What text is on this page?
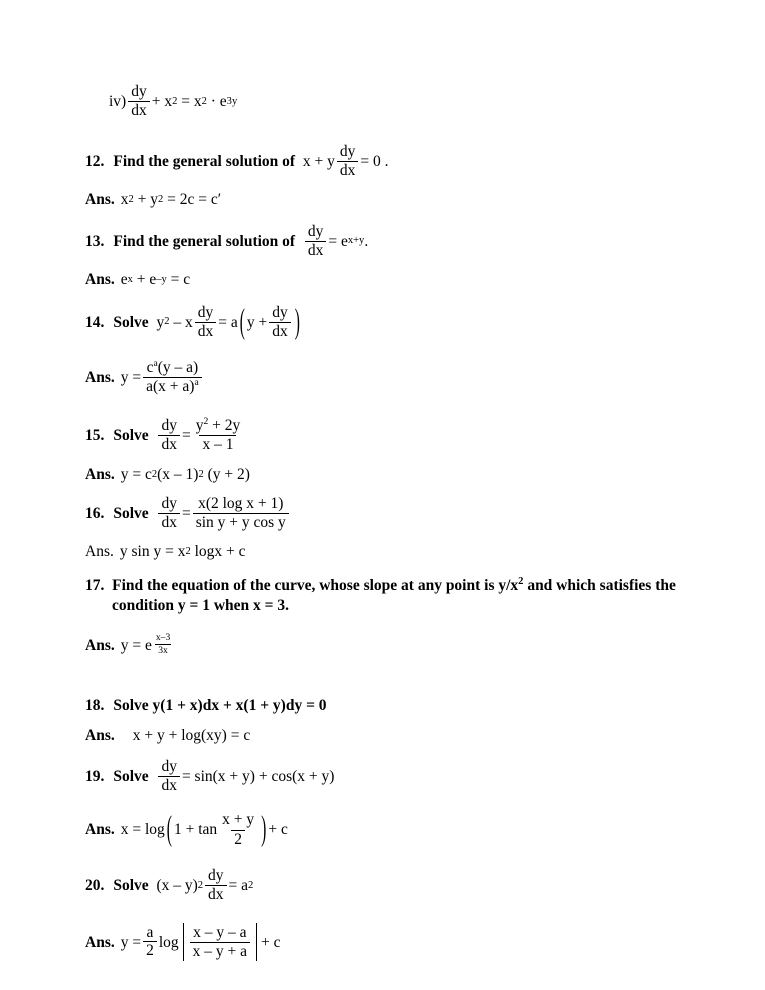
$iv) \frac{dy}{dx} + x$ 2 = x 2 · e 3y
12. Find the general solution of x + y $\frac{dy}{dx} = 0$ .
Ans. x 2 + y 2 = 2c = c′
13. Find the general solution of $\frac{dy}{dx} = e$ x+y .
Ans. e x + e –y = c
14. Solve y 2 – x $\frac{dy}{dx} = a$ ( $y + \frac{dy}{dx}$ )
Ans. $y = \frac{c^a(y - a)}{a(x + a)^a}$
15. Solve $\frac{dy}{dx} = \frac{y^2 + 2y}{x - 1}$
Ans. y = c 2 (x – 1) 2 (y + 2)
16. Solve $\frac{dy}{dx} = \frac{\text{x(2 log x + 1)}}{\text{sin y + y cos y}}$
Ans. y sin y = x 2 logx + c
17. Find the equation of the curve, whose slope at any point is $y/x^2$ and which satisfies the condition y = 1 when x = 3.
Ans. y = e $\frac{x-3}{3x}$
18. Solve y(1 + x)dx + x(1 + y)dy = 0
Ans.	x + y + log(xy) = c
19. Solve $\frac{dy}{dx} = \sin(x + y) + \cos(x + y)$
Ans. x = log ( $1 + \tan \frac{x + y}{2}$ ) + c
20. Solve (x – y) $2 \frac{dy}{dx} = a$ 2
Ans. $y = \frac{a}{2}$ $\log \frac{x - y - a}{x - y + a} + c$
